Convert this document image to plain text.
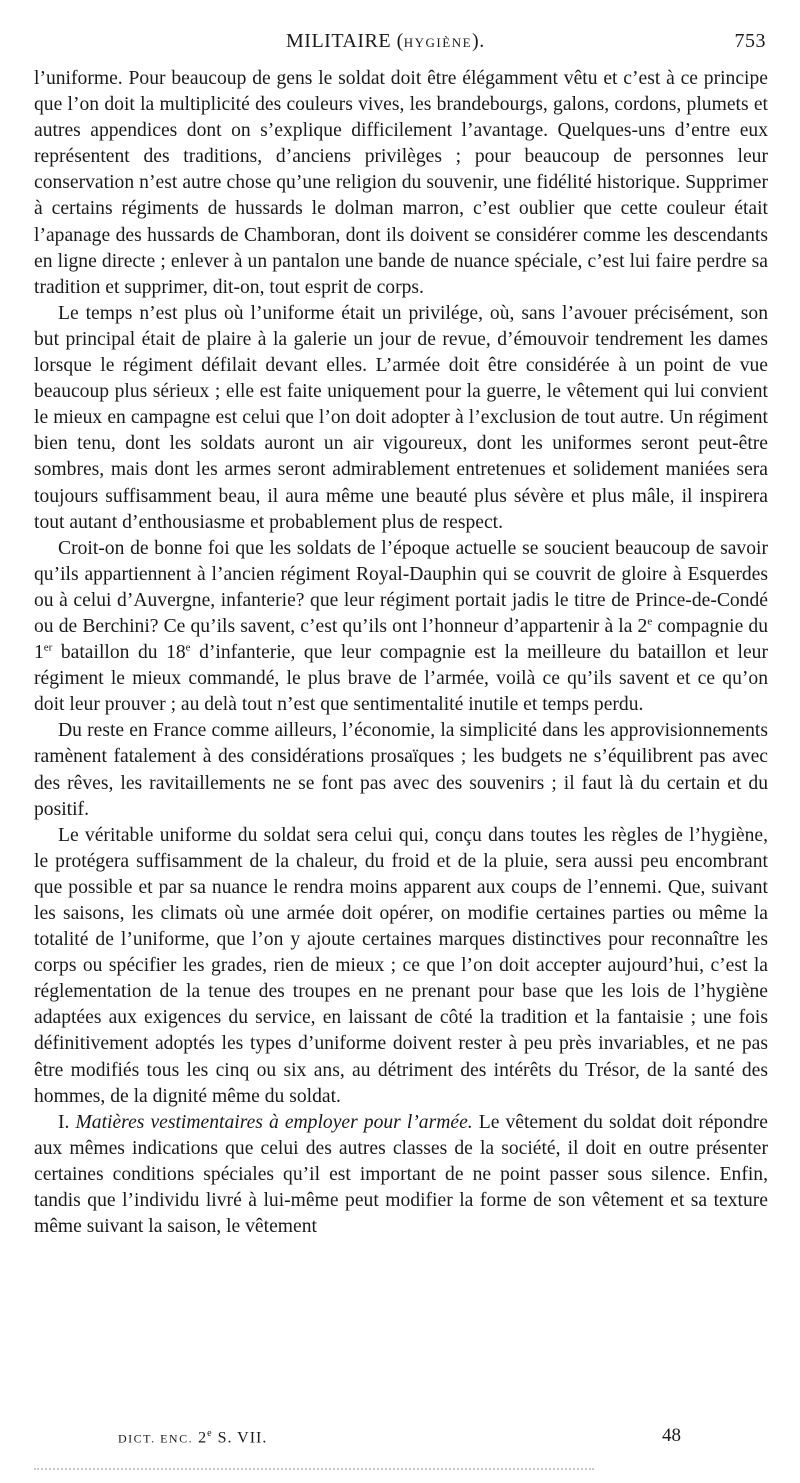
MILITAIRE (HYGIÈNE).	753

l’uniforme. Pour beaucoup de gens le soldat doit être élégamment vêtu et c’est à ce principe que l’on doit la multiplicité des couleurs vives, les brandebourgs, galons, cordons, plumets et autres appendices dont on s’explique difficilement l’avantage. Quelques-uns d’entre eux représentent des traditions, d’anciens privilèges ; pour beaucoup de personnes leur conservation n’est autre chose qu’une religion du souvenir, une fidélité historique. Supprimer à certains régiments de hussards le dolman marron, c’est oublier que cette couleur était l’apanage des hussards de Chamboran, dont ils doivent se considérer comme les descendants en ligne directe ; enlever à un pantalon une bande de nuance spéciale, c’est lui faire perdre sa tradition et supprimer, dit-on, tout esprit de corps.

Le temps n’est plus où l’uniforme était un privilége, où, sans l’avouer précisément, son but principal était de plaire à la galerie un jour de revue, d’émouvoir tendrement les dames lorsque le régiment défilait devant elles. L’armée doit être considérée à un point de vue beaucoup plus sérieux ; elle est faite uniquement pour la guerre, le vêtement qui lui convient le mieux en campagne est celui que l’on doit adopter à l’exclusion de tout autre. Un régiment bien tenu, dont les soldats auront un air vigoureux, dont les uniformes seront peut-être sombres, mais dont les armes seront admirablement entretenues et solidement maniées sera toujours suffisamment beau, il aura même une beauté plus sévère et plus mâle, il inspirera tout autant d’enthousiasme et probablement plus de respect.

Croit-on de bonne foi que les soldats de l’époque actuelle se soucient beaucoup de savoir qu’ils appartiennent à l’ancien régiment Royal-Dauphin qui se couvrit de gloire à Esquerdes ou à celui d’Auvergne, infanterie? que leur régiment portait jadis le titre de Prince-de-Condé ou de Berchini? Ce qu’ils savent, c’est qu’ils ont l’honneur d’appartenir à la 2e compagnie du 1er bataillon du 18e d’infanterie, que leur compagnie est la meilleure du bataillon et leur régiment le mieux commandé, le plus brave de l’armée, voilà ce qu’ils savent et ce qu’on doit leur prouver ; au delà tout n’est que sentimentalité inutile et temps perdu.

Du reste en France comme ailleurs, l’économie, la simplicité dans les approvisionnements ramènent fatalement à des considérations prosaïques ; les budgets ne s’équilibrent pas avec des rêves, les ravitaillements ne se font pas avec des souvenirs ; il faut là du certain et du positif.

Le véritable uniforme du soldat sera celui qui, conçu dans toutes les règles de l’hygiène, le protégera suffisamment de la chaleur, du froid et de la pluie, sera aussi peu encombrant que possible et par sa nuance le rendra moins apparent aux coups de l’ennemi. Que, suivant les saisons, les climats où une armée doit opérer, on modifie certaines parties ou même la totalité de l’uniforme, que l’on y ajoute certaines marques distinctives pour reconnaître les corps ou spécifier les grades, rien de mieux ; ce que l’on doit accepter aujourd’hui, c’est la réglementation de la tenue des troupes en ne prenant pour base que les lois de l’hygiène adaptées aux exigences du service, en laissant de côté la tradition et la fantaisie ; une fois définitivement adoptés les types d’uniforme doivent rester à peu près invariables, et ne pas être modifiés tous les cinq ou six ans, au détriment des intérêts du Trésor, de la santé des hommes, de la dignité même du soldat.

I. Matières vestimentaires à employer pour l’armée. Le vêtement du soldat doit répondre aux mêmes indications que celui des autres classes de la société, il doit en outre présenter certaines conditions spéciales qu’il est important de ne point passer sous silence. Enfin, tandis que l’individu livré à lui-même peut modifier la forme de son vêtement et sa texture même suivant la saison, le vêtement

DICT. ENC. 2e S. VII.	48
